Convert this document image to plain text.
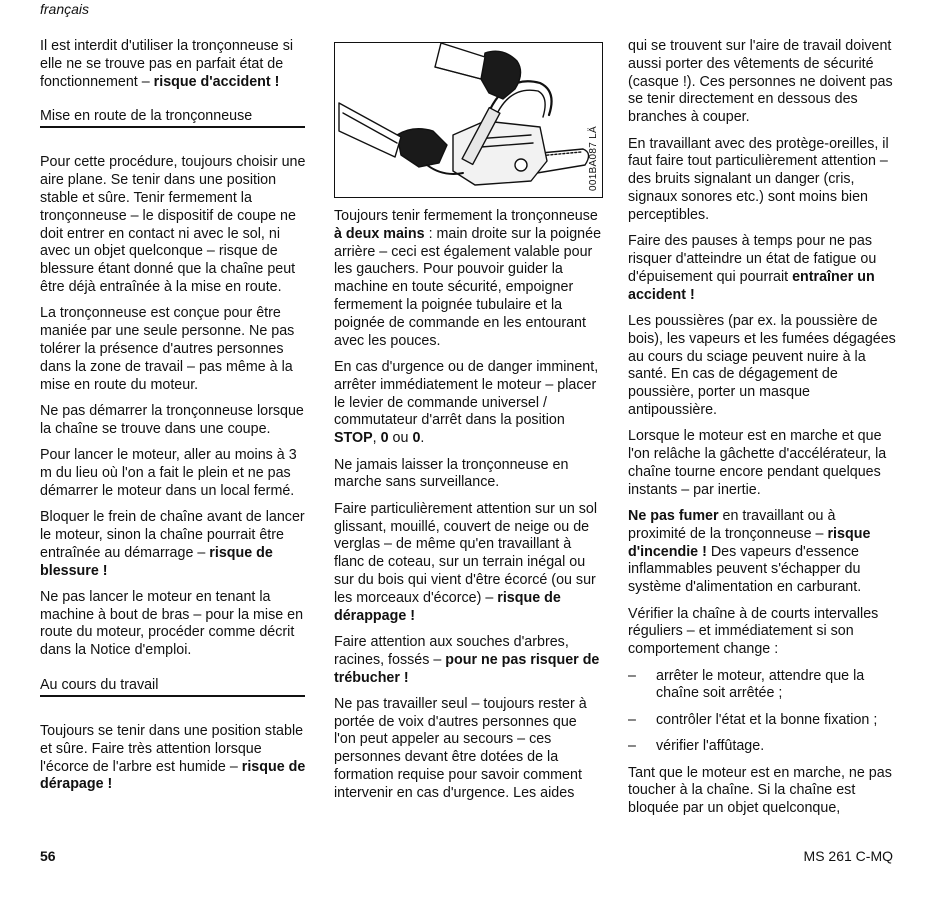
français

Il est interdit d'utiliser la tronçonneuse si elle ne se trouve pas en parfait état de fonctionnement – risque d'accident !

Mise en route de la tronçonneuse

Pour cette procédure, toujours choisir une aire plane. Se tenir dans une position stable et sûre. Tenir fermement la tronçonneuse – le dispositif de coupe ne doit entrer en contact ni avec le sol, ni avec un objet quelconque – risque de blessure étant donné que la chaîne peut être déjà entraînée à la mise en route.

La tronçonneuse est conçue pour être maniée par une seule personne. Ne pas tolérer la présence d'autres personnes dans la zone de travail – pas même à la mise en route du moteur.

Ne pas démarrer la tronçonneuse lorsque la chaîne se trouve dans une coupe.

Pour lancer le moteur, aller au moins à 3 m du lieu où l'on a fait le plein et ne pas démarrer le moteur dans un local fermé.

Bloquer le frein de chaîne avant de lancer le moteur, sinon la chaîne pourrait être entraînée au démarrage – risque de blessure !

Ne pas lancer le moteur en tenant la machine à bout de bras – pour la mise en route du moteur, procéder comme décrit dans la Notice d'emploi.

Au cours du travail

Toujours se tenir dans une position stable et sûre. Faire très attention lorsque l'écorce de l'arbre est humide – risque de dérapage !

001BA087 LÄ

Toujours tenir fermement la tronçonneuse à deux mains : main droite sur la poignée arrière – ceci est également valable pour les gauchers. Pour pouvoir guider la machine en toute sécurité, empoigner fermement la poignée tubulaire et la poignée de commande en les entourant avec les pouces.

En cas d'urgence ou de danger imminent, arrêter immédiatement le moteur – placer le levier de commande universel / commutateur d'arrêt dans la position STOP, 0 ou 0.

Ne jamais laisser la tronçonneuse en marche sans surveillance.

Faire particulièrement attention sur un sol glissant, mouillé, couvert de neige ou de verglas – de même qu'en travaillant à flanc de coteau, sur un terrain inégal ou sur du bois qui vient d'être écorcé (ou sur les morceaux d'écorce) – risque de dérappage !

Faire attention aux souches d'arbres, racines, fossés – pour ne pas risquer de trébucher !

Ne pas travailler seul – toujours rester à portée de voix d'autres personnes que l'on peut appeler au secours – ces personnes devant être dotées de la formation requise pour savoir comment intervenir en cas d'urgence. Les aides

qui se trouvent sur l'aire de travail doivent aussi porter des vêtements de sécurité (casque !). Ces personnes ne doivent pas se tenir directement en dessous des branches à couper.

En travaillant avec des protège-oreilles, il faut faire tout particulièrement attention – des bruits signalant un danger (cris, signaux sonores etc.) sont moins bien perceptibles.

Faire des pauses à temps pour ne pas risquer d'atteindre un état de fatigue ou d'épuisement qui pourrait entraîner un accident !

Les poussières (par ex. la poussière de bois), les vapeurs et les fumées dégagées au cours du sciage peuvent nuire à la santé. En cas de dégagement de poussière, porter un masque antipoussière.

Lorsque le moteur est en marche et que l'on relâche la gâchette d'accélérateur, la chaîne tourne encore pendant quelques instants – par inertie.

Ne pas fumer en travaillant ou à proximité de la tronçonneuse – risque d'incendie ! Des vapeurs d'essence inflammables peuvent s'échapper du système d'alimentation en carburant.

Vérifier la chaîne à de courts intervalles réguliers – et immédiatement si son comportement change :

– arrêter le moteur, attendre que la chaîne soit arrêtée ;
– contrôler l'état et la bonne fixation ;
– vérifier l'affûtage.

Tant que le moteur est en marche, ne pas toucher à la chaîne. Si la chaîne est bloquée par un objet quelconque,

56	MS 261 C-MQ
